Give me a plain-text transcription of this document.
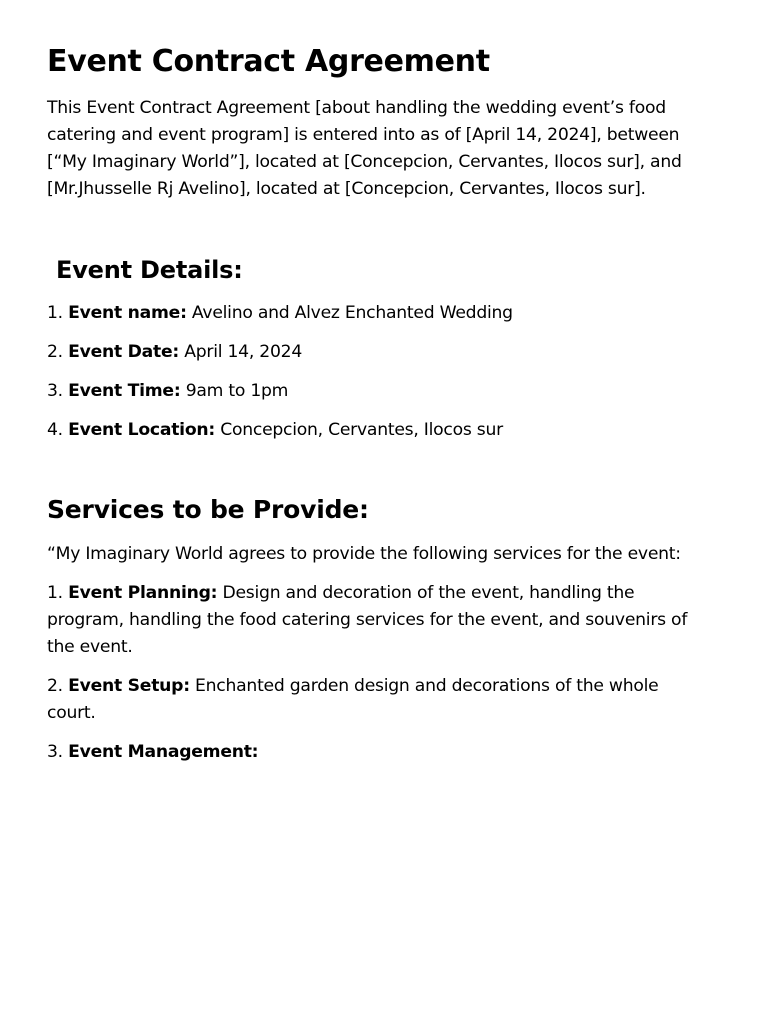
Event Contract Agreement

This Event Contract Agreement [about handling the wedding event’s food catering and event program] is entered into as of [April 14, 2024], between [“My Imaginary World”], located at [Concepcion, Cervantes, Ilocos sur], and [Mr.Jhusselle Rj Avelino], located at [Concepcion, Cervantes, Ilocos sur].

Event Details:
1. Event name: Avelino and Alvez Enchanted Wedding
2. Event Date: April 14, 2024
3. Event Time: 9am to 1pm
4. Event Location: Concepcion, Cervantes, Ilocos sur
Services to be Provide:

“My Imaginary World agrees to provide the following services for the event:

1. Event Planning: Design and decoration of the event, handling the program, handling the food catering services for the event, and souvenirs of the event.
2. Event Setup: Enchanted garden design and decorations of the whole court.
3. Event Management:
